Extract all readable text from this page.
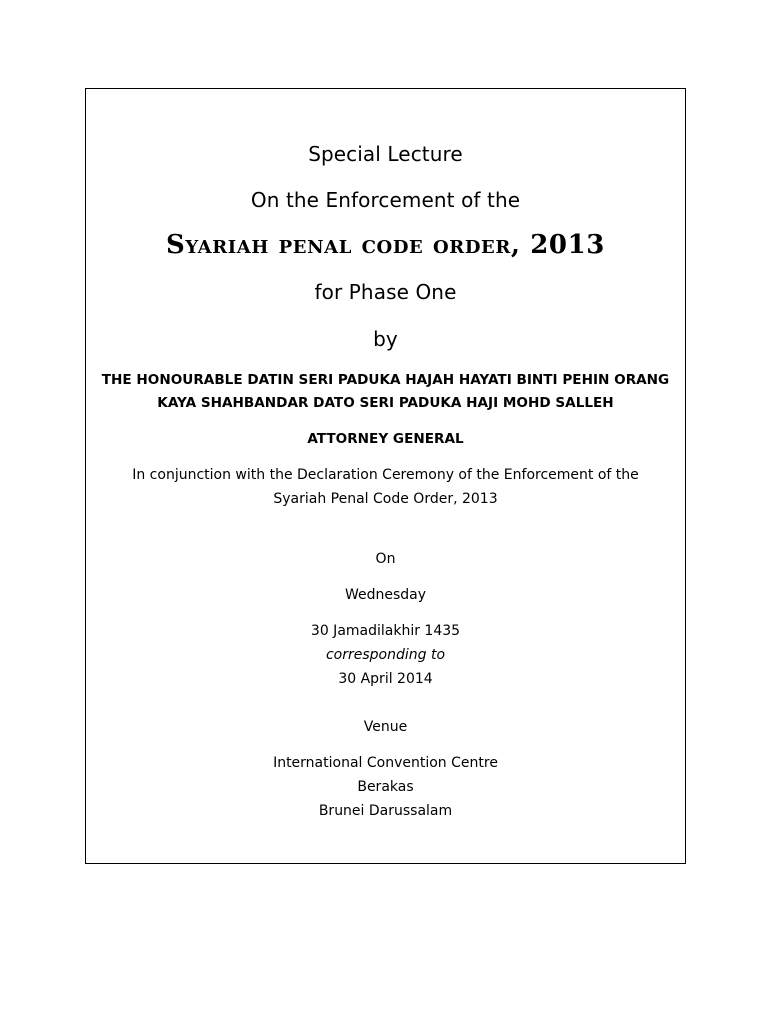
Special Lecture
On the Enforcement of the
Syariah penal code order, 2013
for Phase One
by
THE HONOURABLE DATIN SERI PADUKA HAJAH HAYATI BINTI PEHIN ORANG
KAYA SHAHBANDAR DATO SERI PADUKA HAJI MOHD SALLEH
ATTORNEY GENERAL
In conjunction with the Declaration Ceremony of the Enforcement of the
Syariah Penal Code Order, 2013
On
Wednesday
30 Jamadilakhir 1435
corresponding to
30 April 2014
Venue
International Convention Centre
Berakas
Brunei Darussalam
